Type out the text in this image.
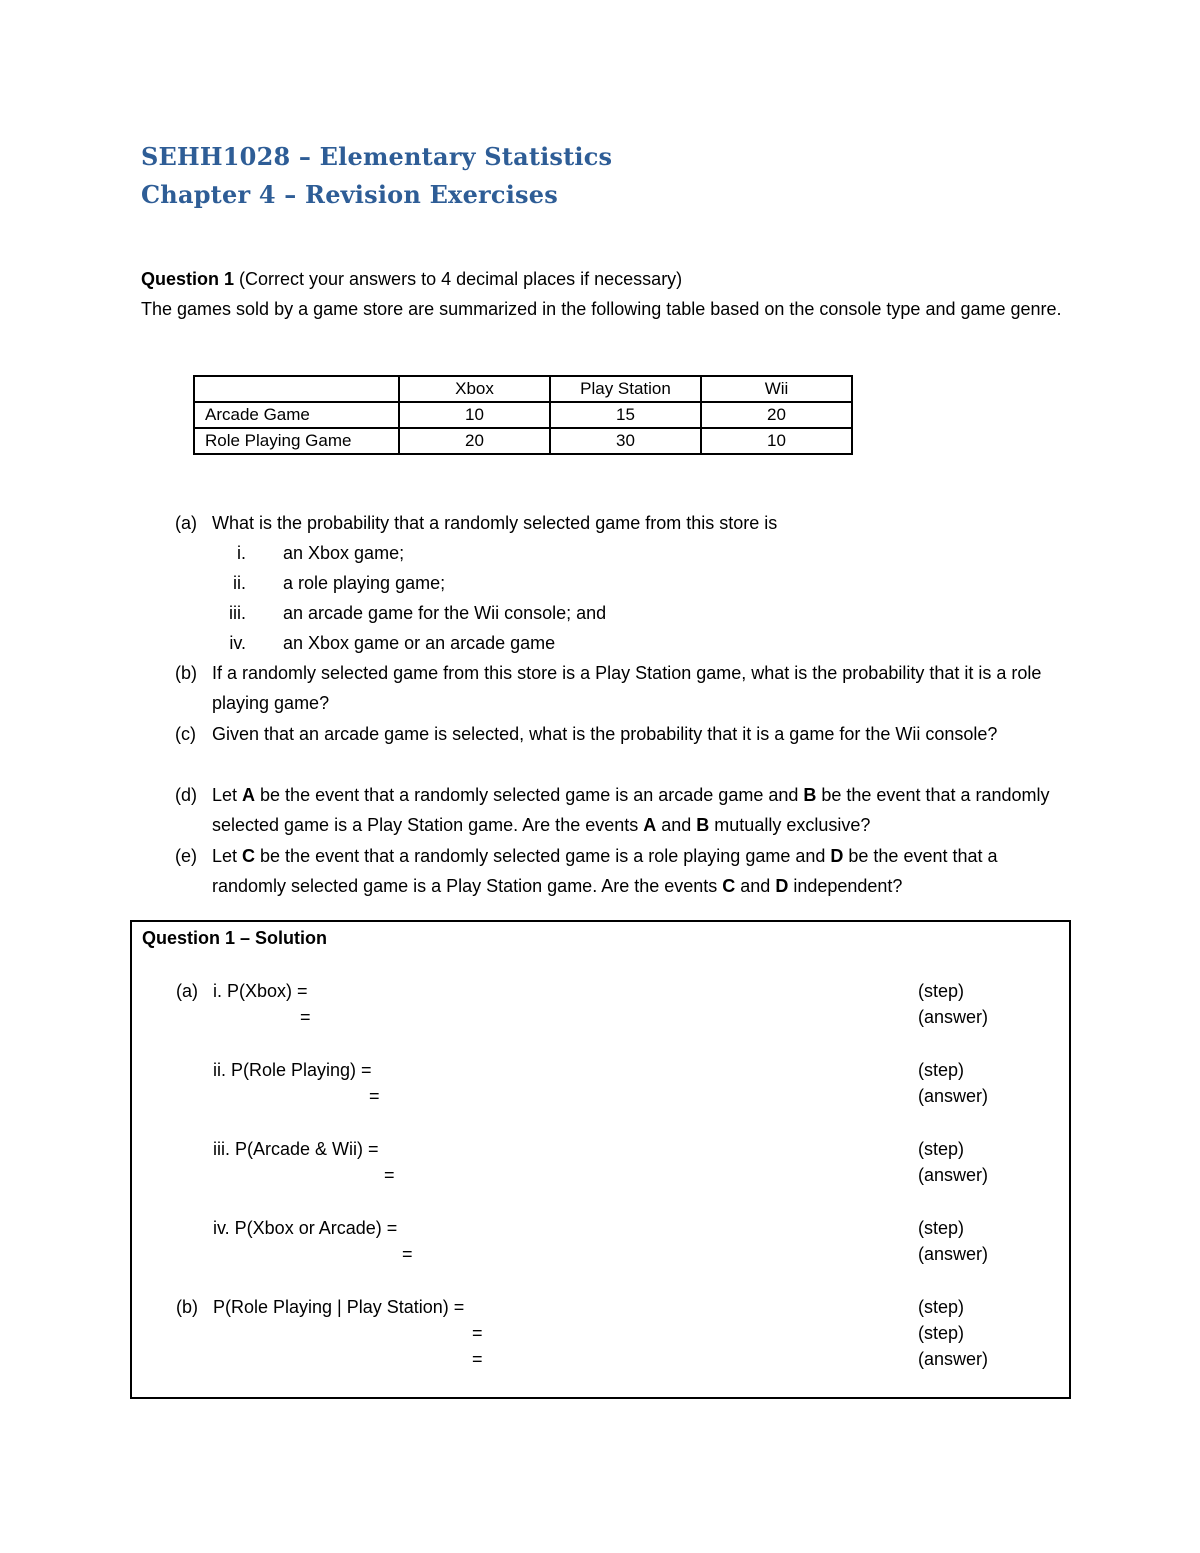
SEHH1028 – Elementary Statistics
Chapter 4 – Revision Exercises
Question 1 (Correct your answers to 4 decimal places if necessary)
The games sold by a game store are summarized in the following table based on the console type and game genre.
	Xbox	Play Station	Wii
Arcade Game	10	15	20
Role Playing Game	20	30	10
(a) What is the probability that a randomly selected game from this store is
i. an Xbox game;
ii. a role playing game;
iii. an arcade game for the Wii console; and
iv. an Xbox game or an arcade game
(b) If a randomly selected game from this store is a Play Station game, what is the probability that it is a role playing game?
(c) Given that an arcade game is selected, what is the probability that it is a game for the Wii console?
(d) Let A be the event that a randomly selected game is an arcade game and B be the event that a randomly selected game is a Play Station game. Are the events A and B mutually exclusive?
(e) Let C be the event that a randomly selected game is a role playing game and D be the event that a randomly selected game is a Play Station game. Are the events C and D independent?
Question 1 – Solution
(a) i. P(Xbox) =	(step)
=	(answer)
ii. P(Role Playing) =	(step)
=	(answer)
iii. P(Arcade & Wii) =	(step)
=	(answer)
iv. P(Xbox or Arcade) =	(step)
=	(answer)
(b) P(Role Playing | Play Station) =	(step)
=	(step)
=	(answer)
